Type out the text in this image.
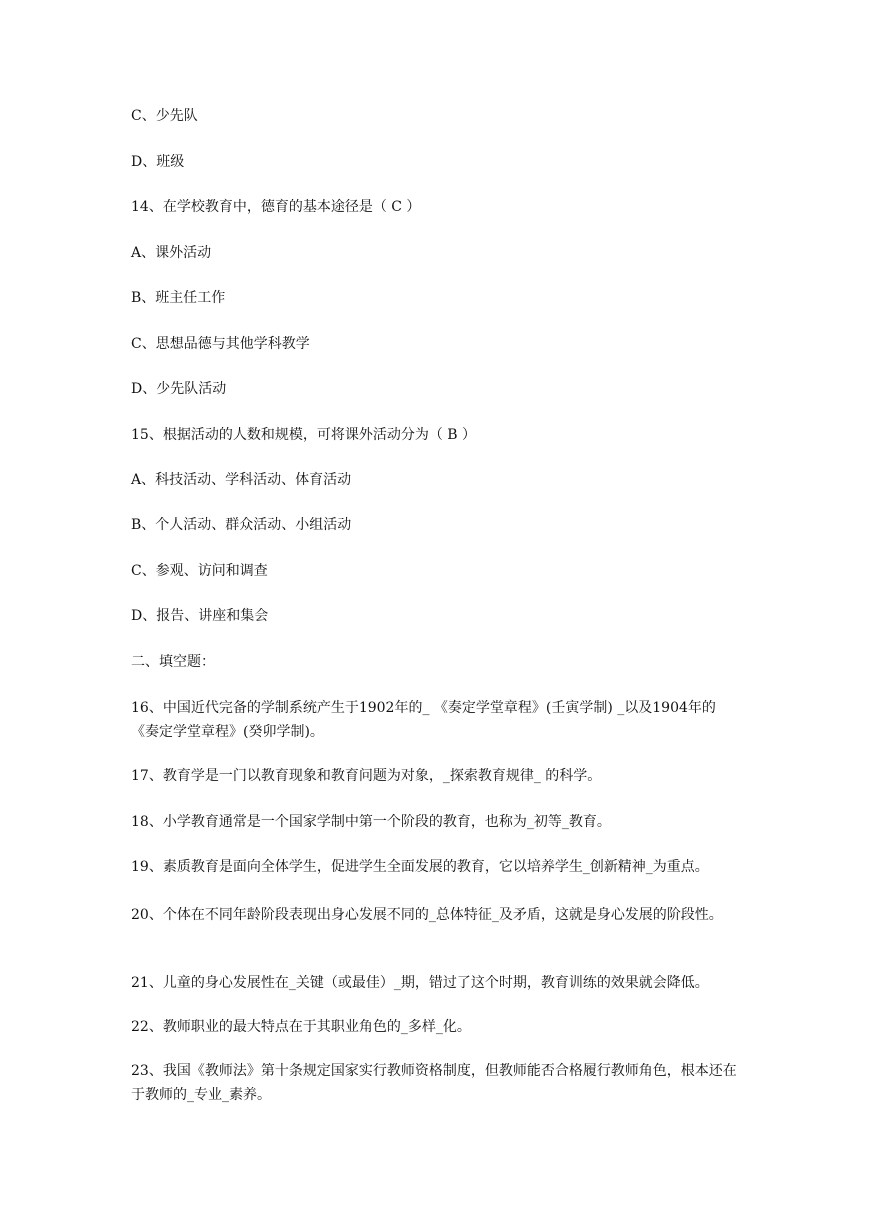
C、少先队
D、班级
14、在学校教育中，德育的基本途径是（ C ）
A、课外活动
B、班主任工作
C、思想品德与其他学科教学
D、少先队活动
15、根据活动的人数和规模，可将课外活动分为（ B ）
A、科技活动、学科活动、体育活动
B、个人活动、群众活动、小组活动
C、参观、访问和调查
D、报告、讲座和集会
二、填空题：
16、中国近代完备的学制系统产生于1902年的_ 《奏定学堂章程》(壬寅学制) _以及1904年的《奏定学堂章程》(癸卯学制)。
17、教育学是一门以教育现象和教育问题为对象，_探索教育规律_ 的科学。
18、小学教育通常是一个国家学制中第一个阶段的教育，也称为_初等_教育。
19、素质教育是面向全体学生，促进学生全面发展的教育，它以培养学生_创新精神_为重点。
20、个体在不同年龄阶段表现出身心发展不同的_总体特征_及矛盾，这就是身心发展的阶段性。
21、儿童的身心发展性在_关键（或最佳）_期，错过了这个时期，教育训练的效果就会降低。
22、教师职业的最大特点在于其职业角色的_多样_化。
23、我国《教师法》第十条规定国家实行教师资格制度，但教师能否合格履行教师角色，根本还在于教师的_专业_素养。
